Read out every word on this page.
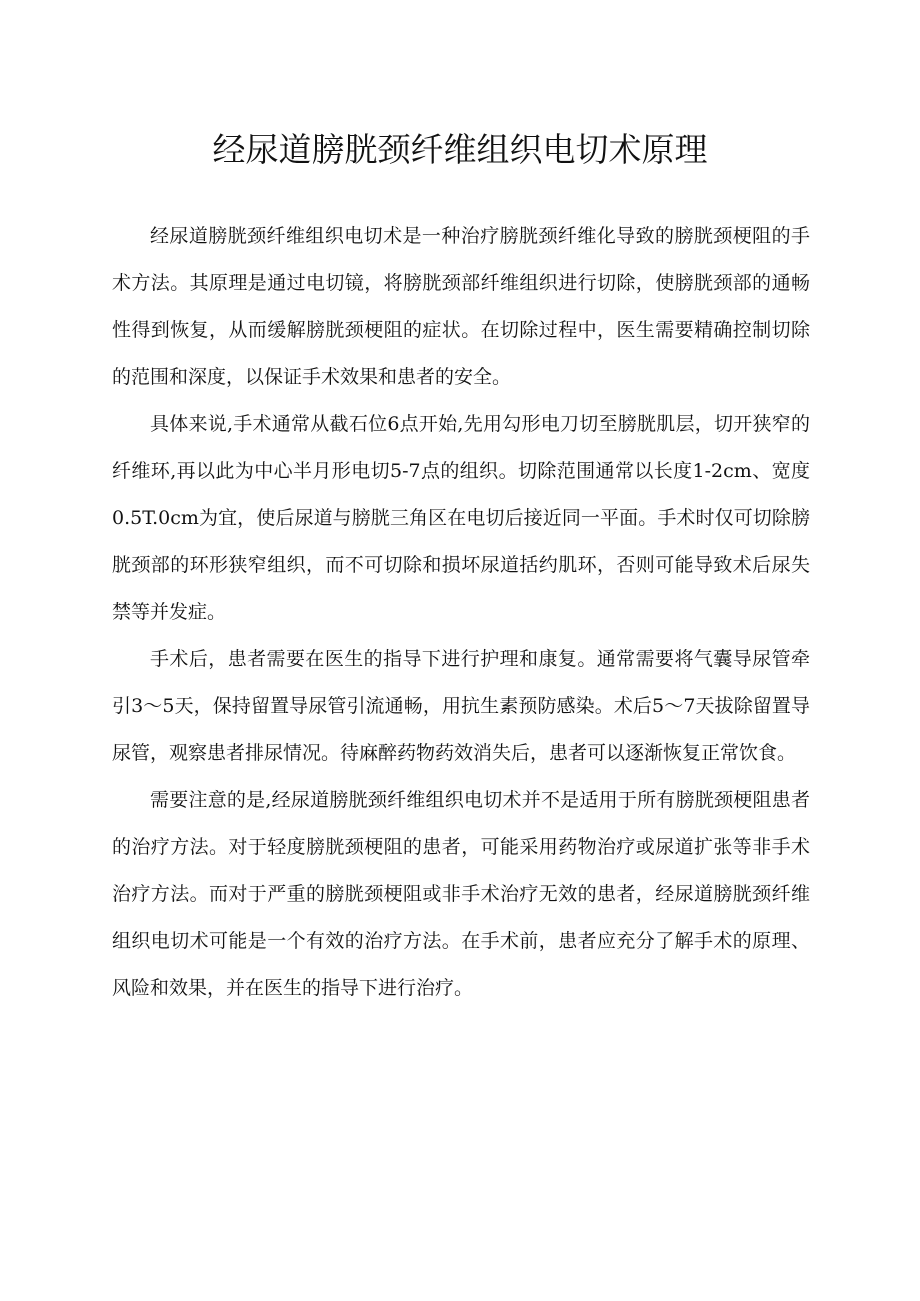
经尿道膀胱颈纤维组织电切术原理

经尿道膀胱颈纤维组织电切术是一种治疗膀胱颈纤维化导致的膀胱颈梗阻的手术方法。其原理是通过电切镜，将膀胱颈部纤维组织进行切除，使膀胱颈部的通畅性得到恢复，从而缓解膀胱颈梗阻的症状。在切除过程中，医生需要精确控制切除的范围和深度，以保证手术效果和患者的安全。

具体来说,手术通常从截石位6点开始,先用勾形电刀切至膀胱肌层，切开狭窄的纤维环,再以此为中心半月形电切5-7点的组织。切除范围通常以长度1-2cm、宽度0.5T.0cm为宜，使后尿道与膀胱三角区在电切后接近同一平面。手术时仅可切除膀胱颈部的环形狭窄组织，而不可切除和损坏尿道括约肌环，否则可能导致术后尿失禁等并发症。

手术后，患者需要在医生的指导下进行护理和康复。通常需要将气囊导尿管牵引3～5天，保持留置导尿管引流通畅，用抗生素预防感染。术后5～7天拔除留置导尿管，观察患者排尿情况。待麻醉药物药效消失后，患者可以逐渐恢复正常饮食。

需要注意的是,经尿道膀胱颈纤维组织电切术并不是适用于所有膀胱颈梗阻患者的治疗方法。对于轻度膀胱颈梗阻的患者，可能采用药物治疗或尿道扩张等非手术治疗方法。而对于严重的膀胱颈梗阻或非手术治疗无效的患者，经尿道膀胱颈纤维组织电切术可能是一个有效的治疗方法。在手术前，患者应充分了解手术的原理、风险和效果，并在医生的指导下进行治疗。
